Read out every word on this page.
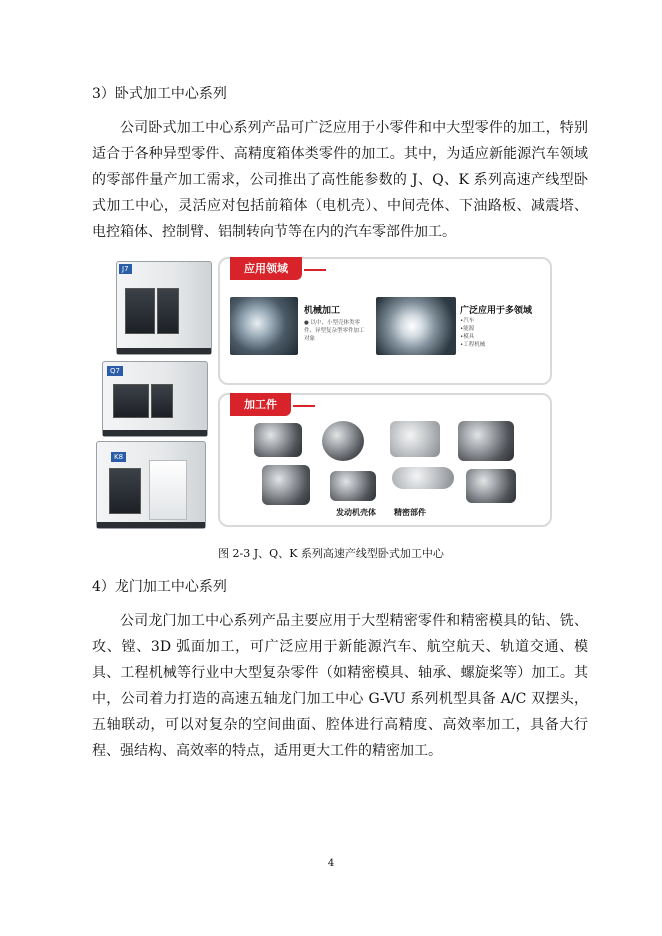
3）卧式加工中心系列

公司卧式加工中心系列产品可广泛应用于小零件和中大型零件的加工，特别适合于各种异型零件、高精度箱体类零件的加工。其中，为适应新能源汽车领域的零部件量产加工需求，公司推出了高性能参数的 J、Q、K 系列高速产线型卧式加工中心，灵活应对包括前箱体（电机壳）、中间壳体、下油路板、减震塔、电控箱体、控制臂、铝制转向节等在内的汽车零部件加工。

J7
Q7
K8
应用领域
机械加工

● 以中、小型壳体类零件、异型复杂型零件加工对象

广泛应用于多领域
• 汽车
• 能源
• 模具
• 工程机械
加工件
发动机壳体 精密部件
图 2-3 J、Q、K 系列高速产线型卧式加工中心
4）龙门加工中心系列

公司龙门加工中心系列产品主要应用于大型精密零件和精密模具的钻、铣、攻、镗、3D 弧面加工，可广泛应用于新能源汽车、航空航天、轨道交通、模具、工程机械等行业中大型复杂零件（如精密模具、轴承、螺旋桨等）加工。其中，公司着力打造的高速五轴龙门加工中心 G-VU 系列机型具备 A/C 双摆头，五轴联动，可以对复杂的空间曲面、腔体进行高精度、高效率加工，具备大行程、强结构、高效率的特点，适用更大工件的精密加工。

4
